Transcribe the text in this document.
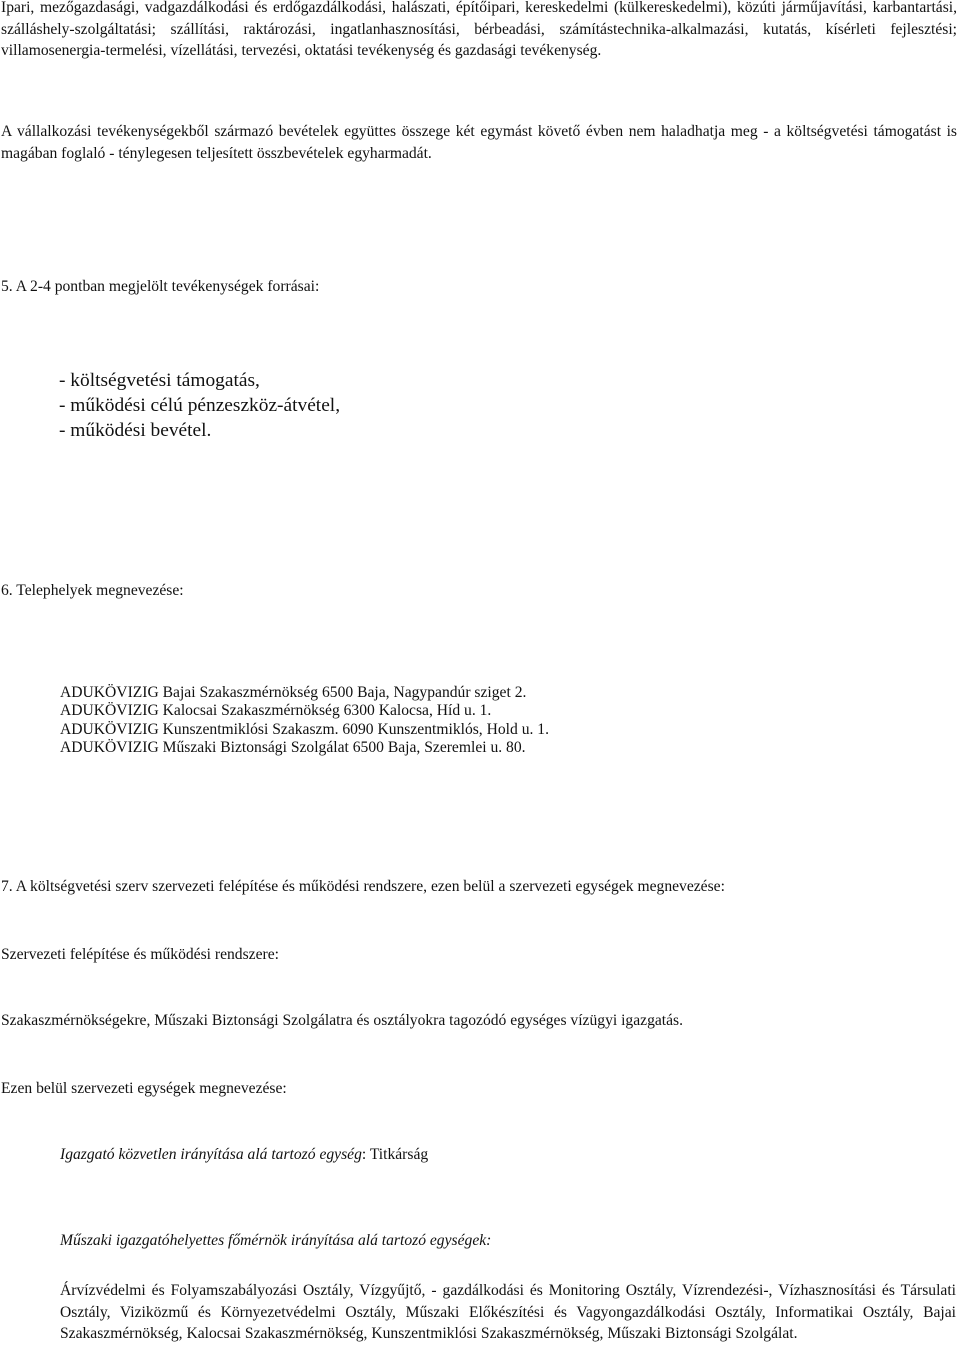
Ipari, mezőgazdasági, vadgazdálkodási és erdőgazdálkodási, halászati, építőipari, kereskedelmi (külkereskedelmi), közúti járműjavítási, karbantartási, szálláshely-szolgáltatási; szállítási, raktározási, ingatlanhasznosítási, bérbeadási, számítástechnika-alkalmazási, kutatás, kísérleti fejlesztési; villamosenergia-termelési, vízellátási, tervezési, oktatási tevékenység és gazdasági tevékenység.

A vállalkozási tevékenységekből származó bevételek együttes összege két egymást követő évben nem haladhatja meg - a költségvetési támogatást is magában foglaló - ténylegesen teljesített összbevételek egyharmadát.

5. A 2-4 pontban megjelölt tevékenységek forrásai:

- költségvetési támogatás,
- működési célú pénzeszköz-átvétel,
- működési bevétel.

6. Telephelyek megnevezése:

ADUKÖVIZIG Bajai Szakaszmérnökség 6500 Baja, Nagypandúr sziget 2.
ADUKÖVIZIG Kalocsai Szakaszmérnökség 6300 Kalocsa, Híd u. 1.
ADUKÖVIZIG Kunszentmiklósi Szakaszm. 6090 Kunszentmiklós, Hold u. 1.
ADUKÖVIZIG Műszaki Biztonsági Szolgálat 6500 Baja, Szeremlei u. 80.

7. A költségvetési szerv szervezeti felépítése és működési rendszere, ezen belül a szervezeti egységek megnevezése:

Szervezeti felépítése és működési rendszere:

Szakaszmérnökségekre, Műszaki Biztonsági Szolgálatra és osztályokra tagozódó egységes vízügyi igazgatás.

Ezen belül szervezeti egységek megnevezése:

Igazgató közvetlen irányítása alá tartozó egység: Titkárság

Műszaki igazgatóhelyettes főmérnök irányítása alá tartozó egységek:

Árvízvédelmi és Folyamszabályozási Osztály, Vízgyűjtő, - gazdálkodási és Monitoring Osztály, Vízrendezési-, Vízhasznosítási és Társulati Osztály, Viziközmű és Környezetvédelmi Osztály, Műszaki Előkészítési és Vagyongazdálkodási Osztály, Informatikai Osztály, Bajai Szakaszmérnökség, Kalocsai Szakaszmérnökség, Kunszentmiklósi Szakaszmérnökség, Műszaki Biztonsági Szolgálat.
